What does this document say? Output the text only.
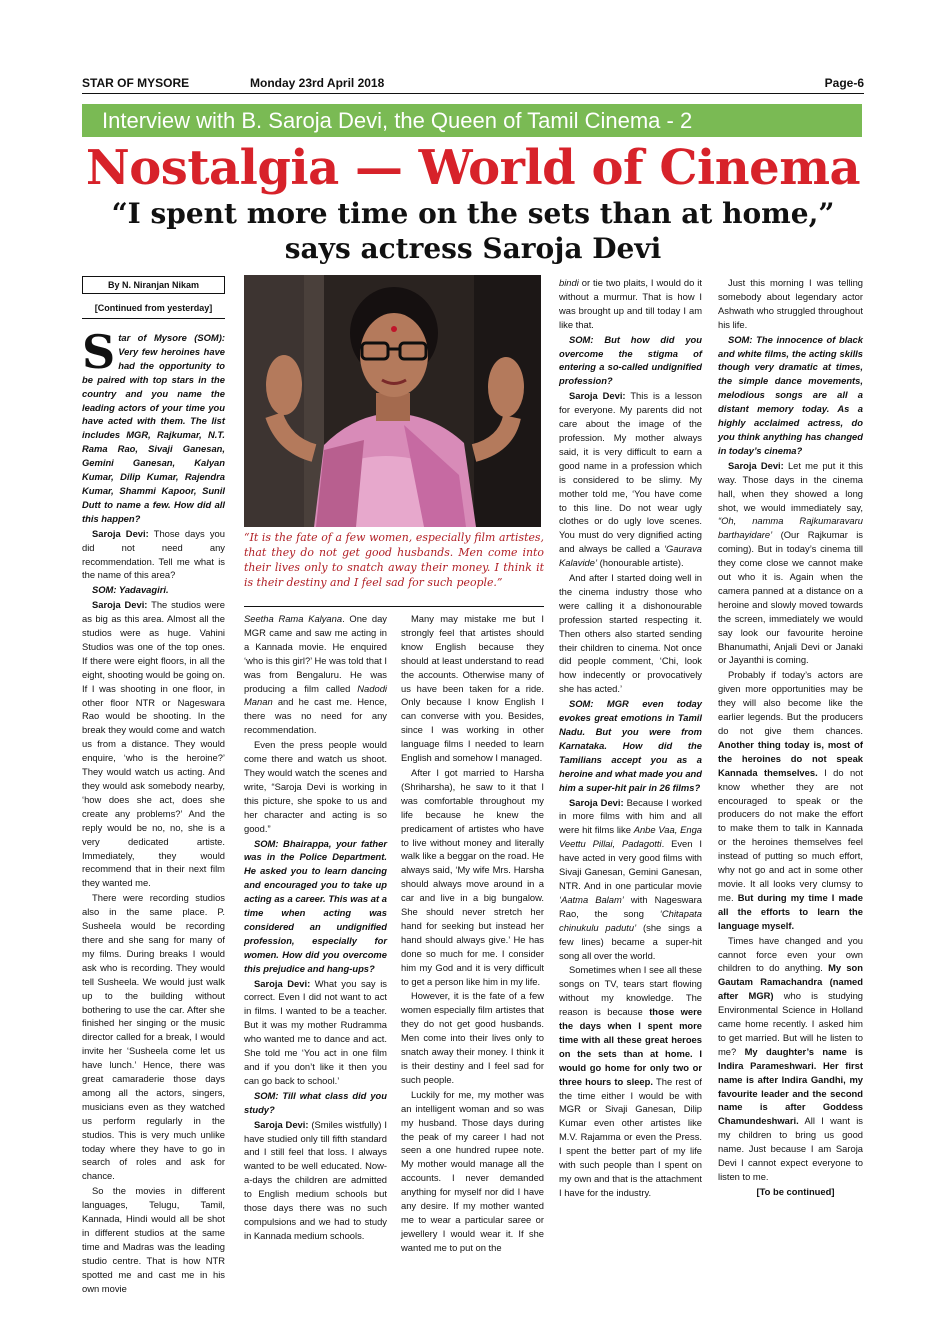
STAR OF MYSORE	Monday 23rd April 2018	Page-6
Interview with B. Saroja Devi, the Queen of Tamil Cinema - 2
Nostalgia — World of Cinema
“I spent more time on the sets than at home,”
says actress Saroja Devi
By N. Niranjan Nikam
[Continued from yesterday]
“It is the fate of a few women, especially film artistes, that they do not get good husbands. Men come into their lives only to snatch away their money. I think it is their destiny and I feel sad for such people.”

Star of Mysore (SOM): Very few heroines have had the opportunity to be paired with top stars in the country and you name the leading actors of your time you have acted with them. The list includes MGR, Rajkumar, N.T. Rama Rao, Sivaji Ganesan, Gemini Ganesan, Kalyan Kumar, Dilip Kumar, Rajendra Kumar, Shammi Kapoor, Sunil Dutt to name a few. How did all this happen?

Saroja Devi: Those days you did not need any recommendation. Tell me what is the name of this area?

SOM: Yadavagiri.

Saroja Devi: The studios were as big as this area. Almost all the studios were as huge. Vahini Studios was one of the top ones. If there were eight floors, in all the eight, shooting would be going on. If I was shooting in one floor, in other floor NTR or Nageswara Rao would be shooting. In the break they would come and watch us from a distance. They would enquire, ‘who is the heroine?’ They would watch us acting. And they would ask somebody nearby, ‘how does she act, does she create any problems?’ And the reply would be no, no, she is a very dedicated artiste. Immediately, they would recommend that in their next film they wanted me.

There were recording studios also in the same place. P. Susheela would be recording there and she sang for many of my films. During breaks I would ask who is recording. They would tell Susheela. We would just walk up to the building without bothering to use the car. After she finished her singing or the music director called for a break, I would invite her ‘Susheela come let us have lunch.’ Hence, there was great camaraderie those days among all the actors, singers, musicians even as they watched us perform regularly in the studios. This is very much unlike today where they have to go in search of roles and ask for chance.

So the movies in different languages, Telugu, Tamil, Kannada, Hindi would all be shot in different studios at the same time and Madras was the leading studio centre. That is how NTR spotted me and cast me in his own movie

Seetha Rama Kalyana. One day MGR came and saw me acting in a Kannada movie. He enquired ‘who is this girl?’ He was told that I was from Bengaluru. He was producing a film called Nadodi Manan and he cast me. Hence, there was no need for any recommendation.

Even the press people would come there and watch us shoot. They would watch the scenes and write, “Saroja Devi is working in this picture, she spoke to us and her character and acting is so good.”

SOM: Bhairappa, your father was in the Police Department. He asked you to learn dancing and encouraged you to take up acting as a career. This was at a time when acting was considered an undignified profession, especially for women. How did you overcome this prejudice and hang-ups?

Saroja Devi: What you say is correct. Even I did not want to act in films. I wanted to be a teacher. But it was my mother Rudramma who wanted me to dance and act. She told me ‘You act in one film and if you don’t like it then you can go back to school.’

SOM: Till what class did you study?

Saroja Devi: (Smiles wistfully) I have studied only till fifth standard and I still feel that loss. I always wanted to be well educated. Now-a-days the children are admitted to English medium schools but those days there was no such compulsions and we had to study in Kannada medium schools.

Many may mistake me but I strongly feel that artistes should know English because they should at least understand to read the accounts. Otherwise many of us have been taken for a ride. Only because I know English I can converse with you. Besides, since I was working in other language films I needed to learn English and somehow I managed.

After I got married to Harsha (Shriharsha), he saw to it that I was comfortable throughout my life because he knew the predicament of artistes who have to live without money and literally walk like a beggar on the road. He always said, ‘My wife Mrs. Harsha should always move around in a car and live in a big bungalow. She should never stretch her hand for seeking but instead her hand should always give.’ He has done so much for me. I consider him my God and it is very difficult to get a person like him in my life.

However, it is the fate of a few women especially film artistes that they do not get good husbands. Men come into their lives only to snatch away their money. I think it is their destiny and I feel sad for such people.

Luckily for me, my mother was an intelligent woman and so was my husband. Those days during the peak of my career I had not seen a one hundred rupee note. My mother would manage all the accounts. I never demanded anything for myself nor did I have any desire. If my mother wanted me to wear a particular saree or jewellery I would wear it. If she wanted me to put on the

bindi or tie two plaits, I would do it without a murmur. That is how I was brought up and till today I am like that.

SOM: But how did you overcome the stigma of entering a so-called undignified profession?

Saroja Devi: This is a lesson for everyone. My parents did not care about the image of the profession. My mother always said, it is very difficult to earn a good name in a profession which is considered to be slimy. My mother told me, ‘You have come to this line. Do not wear ugly clothes or do ugly love scenes. You must do very dignified acting and always be called a ‘Gaurava Kalavide’ (honourable artiste).

And after I started doing well in the cinema industry those who were calling it a dishonourable profession started respecting it. Then others also started sending their children to cinema. Not once did people comment, ‘Chi, look how indecently or provocatively she has acted.’

SOM: MGR even today evokes great emotions in Tamil Nadu. But you were from Karnataka. How did the Tamilians accept you as a heroine and what made you and him a super-hit pair in 26 films?

Saroja Devi: Because I worked in more films with him and all were hit films like Anbe Vaa, Enga Veettu Pillai, Padagotti. Even I have acted in very good films with Sivaji Ganesan, Gemini Ganesan, NTR. And in one particular movie ‘Aatma Balam’ with Nageswara Rao, the song ‘Chitapata chinukulu padutu’ (she sings a few lines) became a super-hit song all over the world.

Sometimes when I see all these songs on TV, tears start flowing without my knowledge. The reason is because those were the days when I spent more time with all these great heroes on the sets than at home. I would go home for only two or three hours to sleep. The rest of the time either I would be with MGR or Sivaji Ganesan, Dilip Kumar even other artistes like M.V. Rajamma or even the Press. I spent the better part of my life with such people than I spent on my own and that is the attachment I have for the industry.

Just this morning I was telling somebody about legendary actor Ashwath who struggled throughout his life.

SOM: The innocence of black and white films, the acting skills though very dramatic at times, the simple dance movements, melodious songs are all a distant memory today. As a highly acclaimed actress, do you think anything has changed in today’s cinema?

Saroja Devi: Let me put it this way. Those days in the cinema hall, when they showed a long shot, we would immediately say, “Oh, namma Rajkumaravaru barthayidare’ (Our Rajkumar is coming). But in today’s cinema till they come close we cannot make out who it is. Again when the camera panned at a distance on a heroine and slowly moved towards the screen, immediately we would say look our favourite heroine Bhanumathi, Anjali Devi or Janaki or Jayanthi is coming.

Probably if today’s actors are given more opportunities may be they will also become like the earlier legends. But the producers do not give them chances. Another thing today is, most of the heroines do not speak Kannada themselves. I do not know whether they are not encouraged to speak or the producers do not make the effort to make them to talk in Kannada or the heroines themselves feel instead of putting so much effort, why not go and act in some other movie. It all looks very clumsy to me. But during my time I made all the efforts to learn the language myself.

Times have changed and you cannot force even your own children to do anything. My son Gautam Ramachandra (named after MGR) who is studying Environmental Science in Holland came home recently. I asked him to get married. But will he listen to me? My daughter’s name is Indira Parameshwari. Her first name is after Indira Gandhi, my favourite leader and the second name is after Goddess Chamundeshwari. All I want is my children to bring us good name. Just because I am Saroja Devi I cannot expect everyone to listen to me.

[To be continued]
